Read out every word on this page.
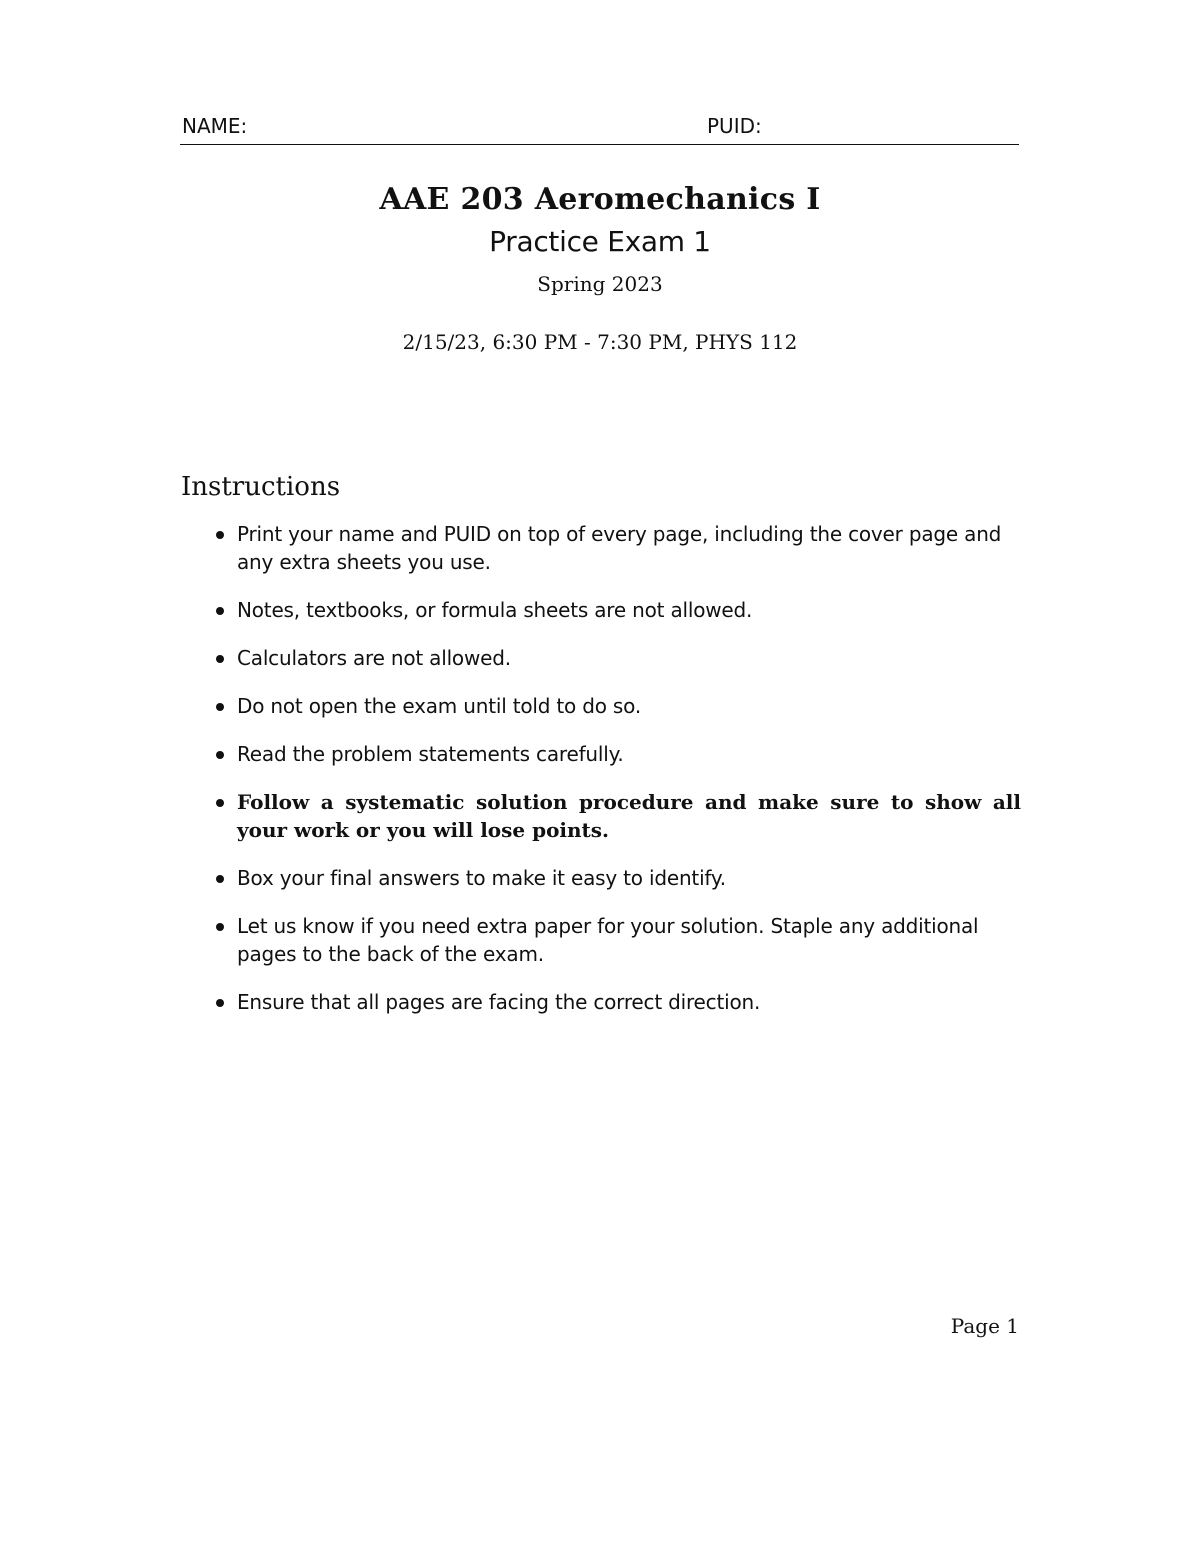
NAME:	PUID:
AAE 203 Aeromechanics I
Practice Exam 1
Spring 2023
2/15/23, 6:30 PM - 7:30 PM, PHYS 112
Instructions
Print your name and PUID on top of every page, including the cover page and any extra sheets you use.
Notes, textbooks, or formula sheets are not allowed.
Calculators are not allowed.
Do not open the exam until told to do so.
Read the problem statements carefully.
Follow a systematic solution procedure and make sure to show all your work or you will lose points.
Box your final answers to make it easy to identify.
Let us know if you need extra paper for your solution. Staple any additional pages to the back of the exam.
Ensure that all pages are facing the correct direction.
Page 1
